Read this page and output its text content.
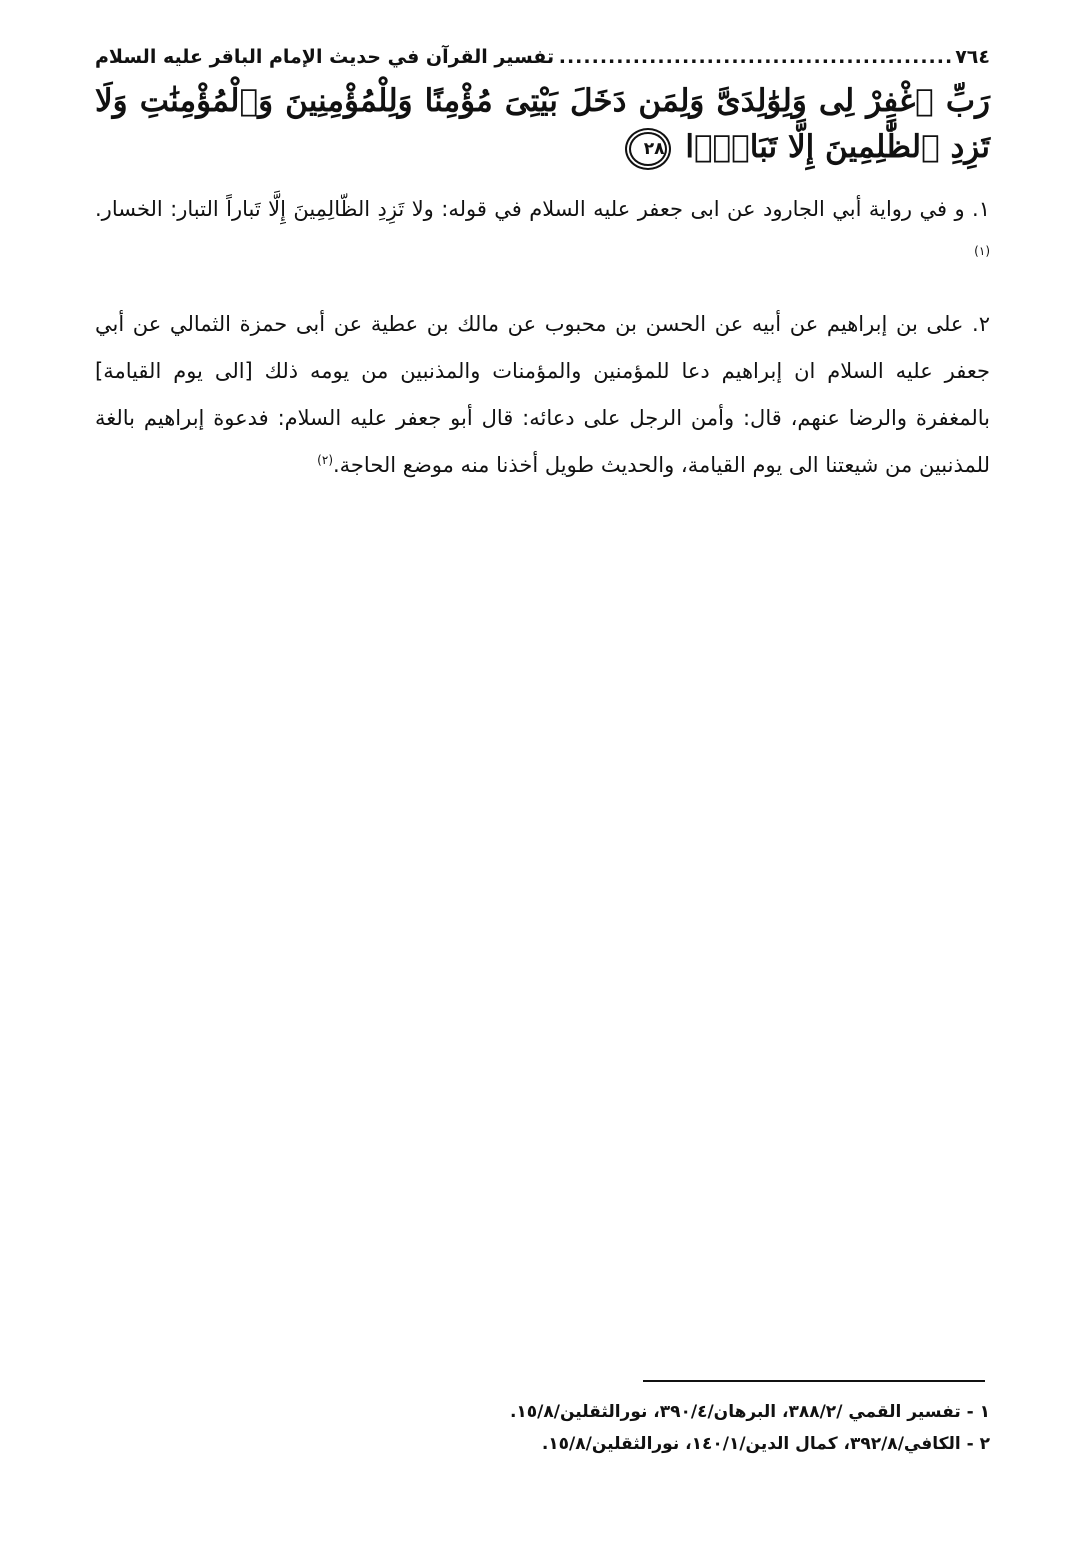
٧٦٤
.....
تفسير القرآن في حديث الإمام الباقر عليه السلام
رَبِّ ٱغْفِرْ لِى وَلِوَٰلِدَىَّ وَلِمَن دَخَلَ بَيْتِىَ مُؤْمِنًا وَلِلْمُؤْمِنِينَ وَٱلْمُؤْمِنَٰتِ وَلَا تَزِدِ ٱلظَّٰلِمِينَ إِلَّا تَبَارًۢا ٢٨

١. و في رواية أبي الجارود عن ابى جعفر عليه السلام في قوله: ولا تَزِدِ الظّالِمِينَ إِلَّا تَباراً التبار: الخسار.$^{(١)}$

٢. على بن إبراهيم عن أبيه عن الحسن بن محبوب عن مالك بن عطية عن أبى حمزة الثمالي عن أبي جعفر عليه السلام ان إبراهيم دعا للمؤمنين والمؤمنات والمذنبين من يومه ذلك [الى يوم القيامة] بالمغفرة والرضا عنهم، قال: وأمن الرجل على دعائه: قال أبو جعفر عليه السلام: فدعوة إبراهيم بالغة للمذنبين من شيعتنا الى يوم القيامة، والحديث طويل أخذنا منه موضع الحاجة.$^{(٢)}$

١ - تفسير القمي /٣٨٨/٢، البرهان/٣٩٠/٤، نورالثقلين/١٥/٨.
٢ - الكافي/٣٩٢/٨، كمال الدين/١٤٠/١، نورالثقلين/١٥/٨.
